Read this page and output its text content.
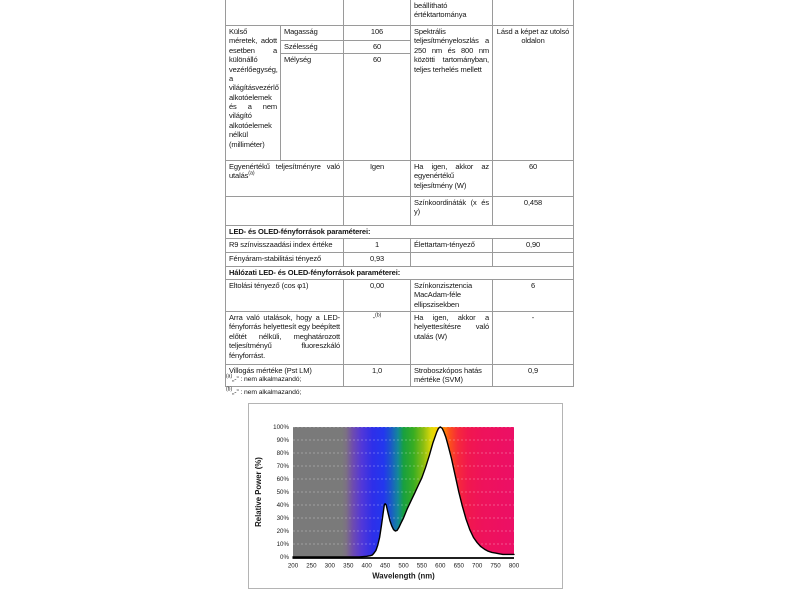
			beállítható értéktartománya	
Külső méretek, adott esetben a különálló vezérlőegység, a világításvezérlő alkotóelemek és a nem világító alkotóelemek nélkül (milliméter)	Magasság	106	Spektrális teljesítményeloszlás a 250 nm és 800 nm közötti tartományban, teljes terhelés mellett	Lásd a képet az utolsó oldalon
	Szélesség	60		
	Mélység	60		
Egyenértékű teljesítményre való utalás$^{(a)}$		Igen	Ha igen, akkor az egyenértékű teljesítmény (W)	60
			Színkoordináták (x és y)	0,458
LED- és OLED-fényforrások paraméterei:				
R9 színvisszaadási index értéke		1	Élettartam-tényező	0,90
Fényáram-stabilitási tényező		0,93		
Hálózati LED- és OLED-fényforrások paraméterei:				
Eltolási tényező (cos φ1)		0,00	Színkonzisztencia MacAdam-féle ellipszisekben	6
Arra való utalások, hogy a LED-fényforrás helyettesít egy beépített előtét nélküli, meghatározott teljesítményű fluoreszkáló fényforrást.		-$^{(b)}$	Ha igen, akkor a helyettesítésre való utalás (W)	-
Villogás mértéke (Pst LM)		1,0	Stroboszkópos hatás mértéke (SVM)	0,9
$^{(a)}$„-” : nem alkalmazandó;
$^{(b)}$„-” : nem alkalmazandó;
0%
10%
20%
30%
40%
50%
60%
70%
80%
90%
100%
200 250 300 350 400 450 500 550 600 650 700 750 800
Wavelength (nm)
Relative Power (%)
